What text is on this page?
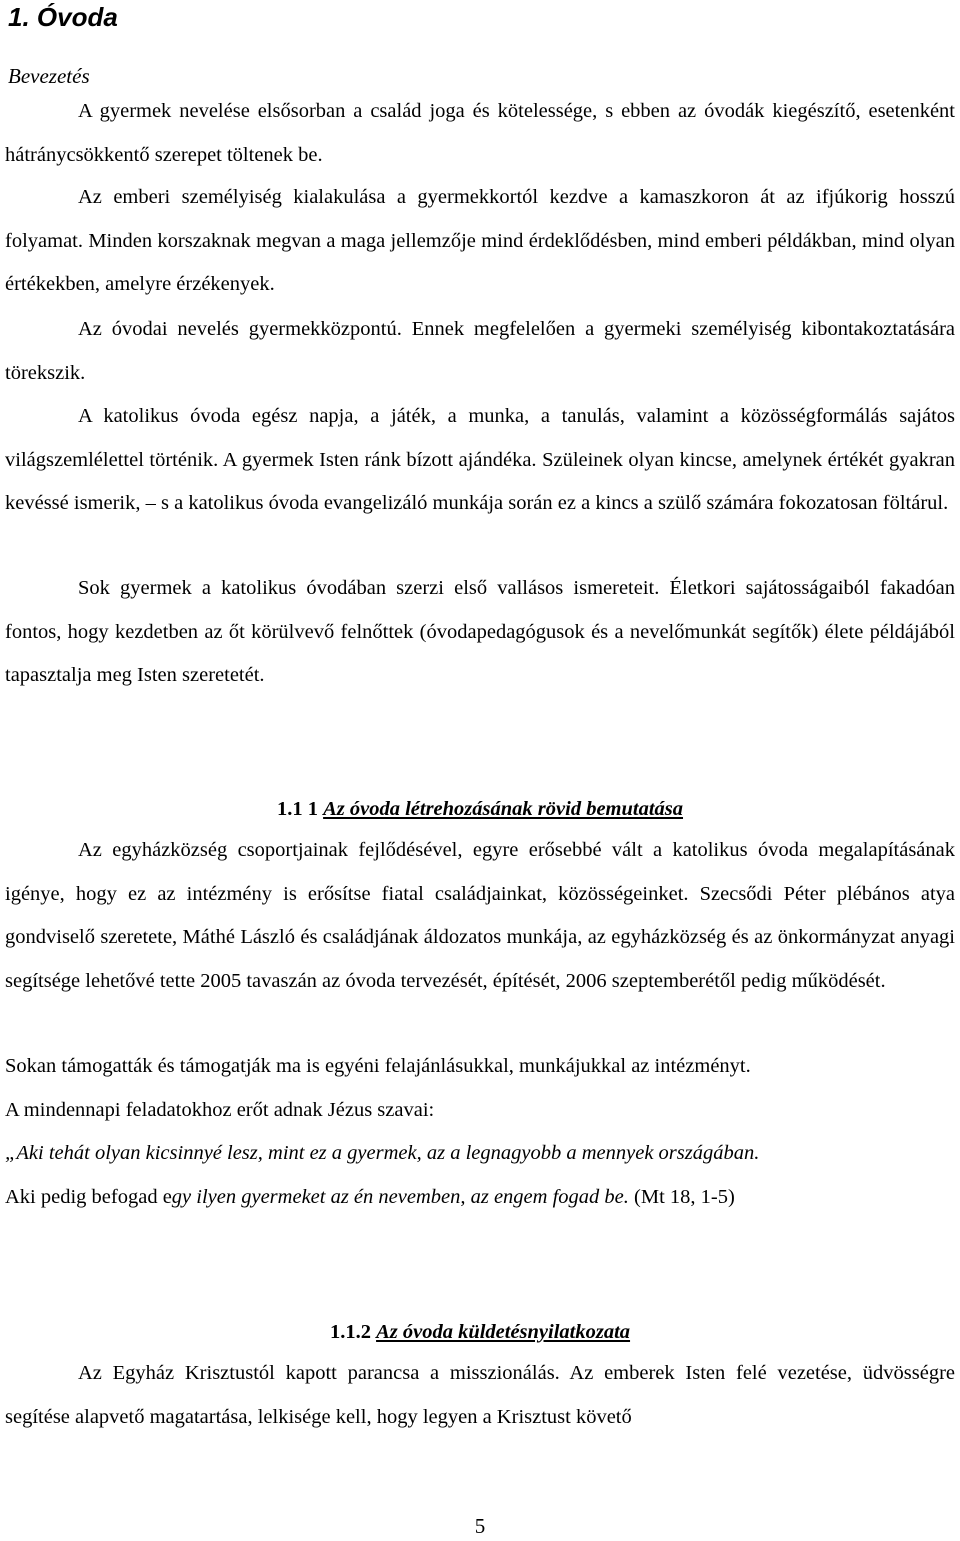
1. Óvoda

Bevezetés

A gyermek nevelése elsősorban a család joga és kötelessége, s ebben az óvodák kiegészítő, esetenként hátránycsökkentő szerepet töltenek be.

Az emberi személyiség kialakulása a gyermekkortól kezdve a kamaszkoron át az ifjúkorig hosszú folyamat. Minden korszaknak megvan a maga jellemzője mind érdeklődésben, mind emberi példákban, mind olyan értékekben, amelyre érzékenyek.

Az óvodai nevelés gyermekközpontú. Ennek megfelelően a gyermeki személyiség kibontakoztatására törekszik.

A katolikus óvoda egész napja, a játék, a munka, a tanulás, valamint a közösségformálás sajátos világszemlélettel történik. A gyermek Isten ránk bízott ajándéka. Szüleinek olyan kincse, amelynek értékét gyakran kevéssé ismerik, – s a katolikus óvoda evangelizáló munkája során ez a kincs a szülő számára fokozatosan föltárul.

Sok gyermek a katolikus óvodában szerzi első vallásos ismereteit. Életkori sajátosságaiból fakadóan fontos, hogy kezdetben az őt körülvevő felnőttek (óvodapedagógusok és a nevelőmunkát segítők) élete példájából tapasztalja meg Isten szeretetét.

1.1 1 Az óvoda létrehozásának rövid bemutatása

Az egyházközség csoportjainak fejlődésével, egyre erősebbé vált a katolikus óvoda megalapításának igénye, hogy ez az intézmény is erősítse fiatal családjainkat, közösségeinket. Szecsődi Péter plébános atya gondviselő szeretete, Máthé László és családjának áldozatos munkája, az egyházközség és az önkormányzat anyagi segítsége lehetővé tette 2005 tavaszán az óvoda tervezését, építését, 2006 szeptemberétől pedig működését.

Sokan támogatták és támogatják ma is egyéni felajánlásukkal, munkájukkal az intézményt.

A mindennapi feladatokhoz erőt adnak Jézus szavai:

„Aki tehát olyan kicsinnyé lesz, mint ez a gyermek, az a legnagyobb a mennyek országában.
Aki pedig befogad egy ilyen gyermeket az én nevemben, az engem fogad be. (Mt 18, 1-5)

1.1.2 Az óvoda küldetésnyilatkozata

Az Egyház Krisztustól kapott parancsa a misszionálás. Az emberek Isten felé vezetése, üdvösségre segítése alapvető magatartása, lelkisége kell, hogy legyen a Krisztust követő

5
